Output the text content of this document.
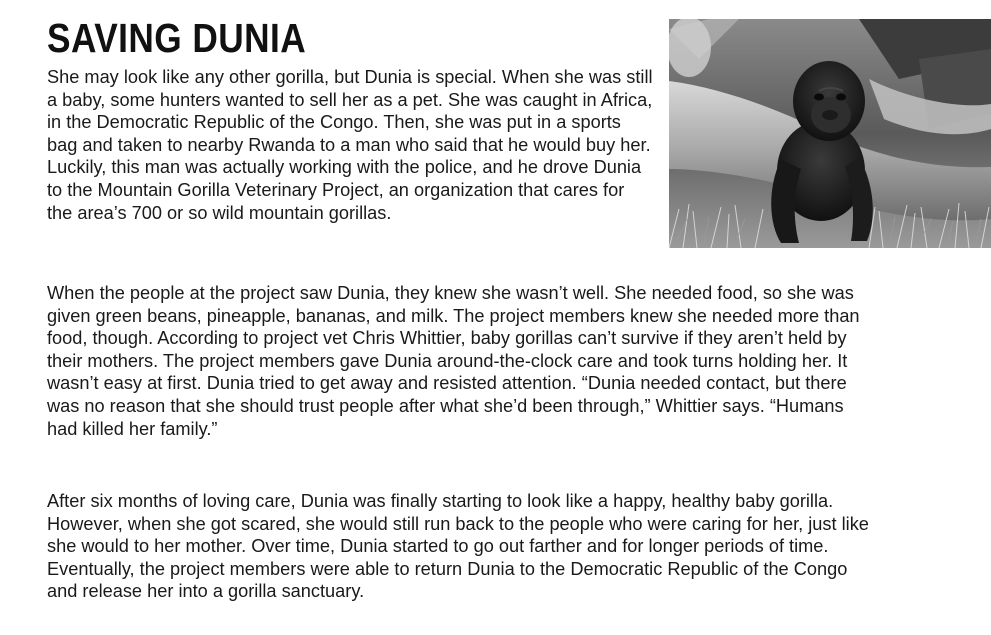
SAVING DUNIA

She may look like any other gorilla, but Dunia is special. When she was still a baby, some hunters wanted to sell her as a pet. She was caught in Africa, in the Democratic Republic of the Congo. Then, she was put in a sports bag and taken to nearby Rwanda to a man who said that he would buy her. Luckily, this man was actually working with the police, and he drove Dunia to the Mountain Gorilla Veterinary Project, an organization that cares for the area’s 700 or so wild mountain gorillas.

When the people at the project saw Dunia, they knew she wasn’t well. She needed food, so she was given green beans, pineapple, bananas, and milk. The project members knew she needed more than food, though. According to project vet Chris Whittier, baby gorillas can’t survive if they aren’t held by their mothers. The project members gave Dunia around-the-clock care and took turns holding her. It wasn’t easy at first. Dunia tried to get away and resisted attention. “Dunia needed contact, but there was no reason that she should trust people after what she’d been through,” Whittier says. “Humans had killed her family.”

After six months of loving care, Dunia was finally starting to look like a happy, healthy baby gorilla. However, when she got scared, she would still run back to the people who were caring for her, just like she would to her mother. Over time, Dunia started to go out farther and for longer periods of time. Eventually, the project members were able to return Dunia to the Democratic Republic of the Congo and release her into a gorilla sanctuary.
